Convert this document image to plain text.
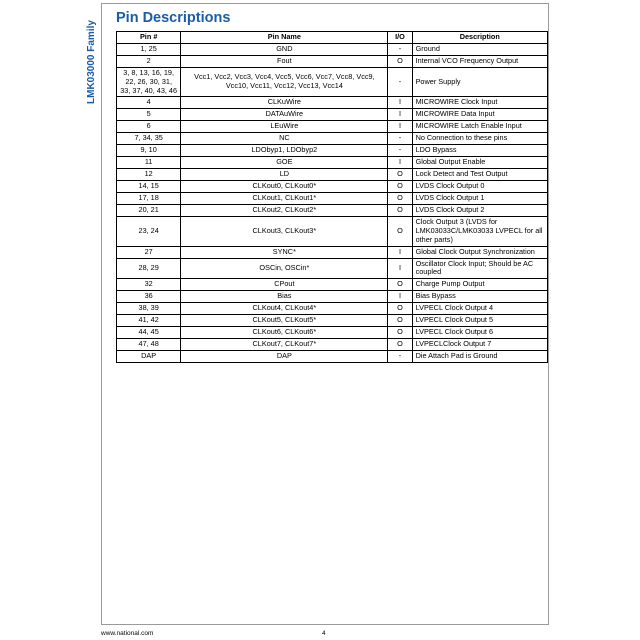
LMK03000 Family
Pin Descriptions
Pin #	Pin Name	I/O	Description
1, 25	GND	-	Ground
2	Fout	O	Internal VCO Frequency Output
3, 8, 13, 16, 19, 22, 26, 30, 31, 33, 37, 40, 43, 46	Vcc1, Vcc2, Vcc3, Vcc4, Vcc5, Vcc6, Vcc7, Vcc8, Vcc9, Vcc10, Vcc11, Vcc12, Vcc13, Vcc14	-	Power Supply
4	CLKuWire	I	MICROWIRE Clock Input
5	DATAuWire	I	MICROWIRE Data Input
6	LEuWire	I	MICROWIRE Latch Enable Input
7, 34, 35	NC	-	No Connection to these pins
9, 10	LDObyp1, LDObyp2	-	LDO Bypass
11	GOE	I	Global Output Enable
12	LD	O	Lock Detect and Test Output
14, 15	CLKout0, CLKout0*	O	LVDS Clock Output 0
17, 18	CLKout1, CLKout1*	O	LVDS Clock Output 1
20, 21	CLKout2, CLKout2*	O	LVDS Clock Output 2
23, 24	CLKout3, CLKout3*	O	Clock Output 3 (LVDS for LMK03033C/LMK03033 LVPECL for all other parts)
27	SYNC*	I	Global Clock Output Synchronization
28, 29	OSCin, OSCin*	I	Oscillator Clock Input; Should be AC coupled
32	CPout	O	Charge Pump Output
36	Bias	I	Bias Bypass
38, 39	CLKout4, CLKout4*	O	LVPECL Clock Output 4
41, 42	CLKout5, CLKout5*	O	LVPECL Clock Output 5
44, 45	CLKout6, CLKout6*	O	LVPECL Clock Output 6
47, 48	CLKout7, CLKout7*	O	LVPECLClock Output 7
DAP	DAP	-	Die Attach Pad is Ground
www.national.com	4
